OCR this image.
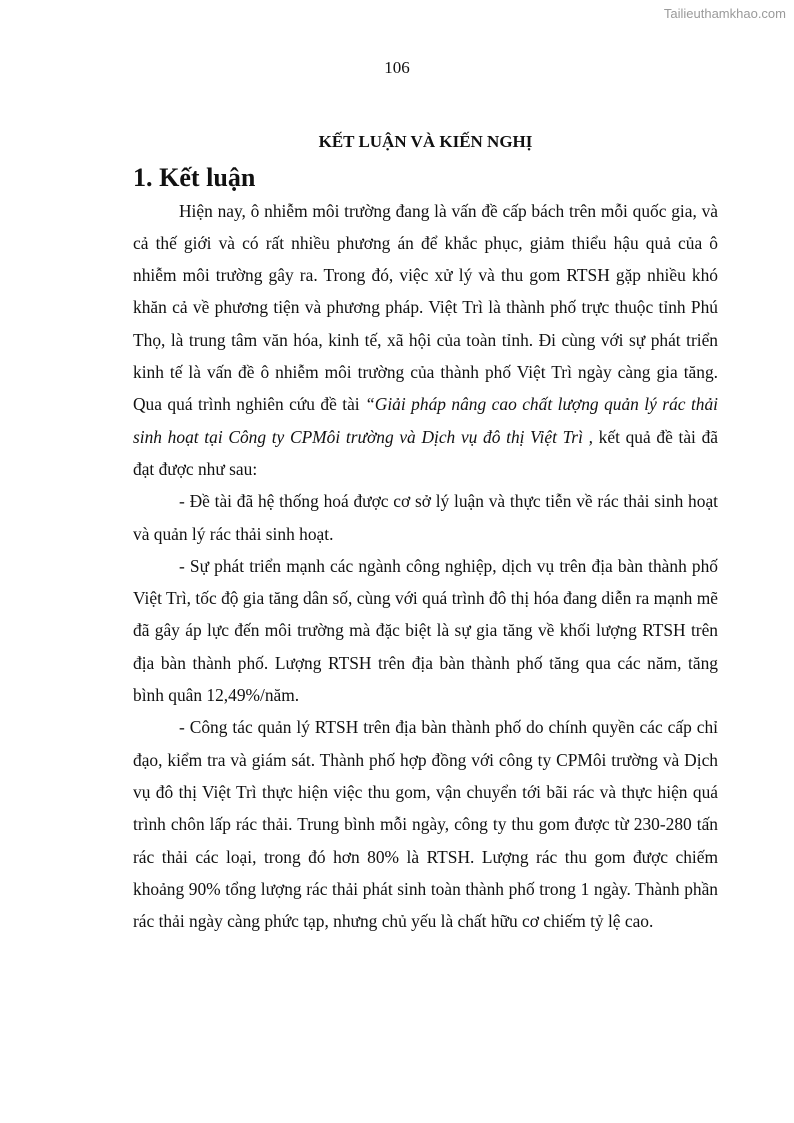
Tailieuthamkhao.com
106
KẾT LUẬN VÀ KIẾN NGHỊ
1. Kết luận

Hiện nay, ô nhiễm môi trường đang là vấn đề cấp bách trên mỗi quốc gia, và cả thế giới và có rất nhiều phương án để khắc phục, giảm thiểu hậu quả của ô nhiễm môi trường gây ra. Trong đó, việc xử lý và thu gom RTSH gặp nhiều khó khăn cả về phương tiện và phương pháp. Việt Trì là thành phố trực thuộc tỉnh Phú Thọ, là trung tâm văn hóa, kinh tế, xã hội của toàn tỉnh. Đi cùng với sự phát triển kinh tế là vấn đề ô nhiễm môi trường của thành phố Việt Trì ngày càng gia tăng. Qua quá trình nghiên cứu đề tài “Giải pháp nâng cao chất lượng quản lý rác thải sinh hoạt tại Công ty CPMôi trường và Dịch vụ đô thị Việt Trì , kết quả đề tài đã đạt được như sau:

- Đề tài đã hệ thống hoá được cơ sở lý luận và thực tiễn về rác thải sinh hoạt và quản lý rác thải sinh hoạt.

- Sự phát triển mạnh các ngành công nghiệp, dịch vụ trên địa bàn thành phố Việt Trì, tốc độ gia tăng dân số, cùng với quá trình đô thị hóa đang diễn ra mạnh mẽ đã gây áp lực đến môi trường mà đặc biệt là sự gia tăng về khối lượng RTSH trên địa bàn thành phố. Lượng RTSH trên địa bàn thành phố tăng qua các năm, tăng bình quân 12,49%/năm.

- Công tác quản lý RTSH trên địa bàn thành phố do chính quyền các cấp chỉ đạo, kiểm tra và giám sát. Thành phố hợp đồng với công ty CPMôi trường và Dịch vụ đô thị Việt Trì thực hiện việc thu gom, vận chuyển tới bãi rác và thực hiện quá trình chôn lấp rác thải. Trung bình mỗi ngày, công ty thu gom được từ 230-280 tấn rác thải các loại, trong đó hơn 80% là RTSH. Lượng rác thu gom được chiếm khoảng 90% tổng lượng rác thải phát sinh toàn thành phố trong 1 ngày. Thành phần rác thải ngày càng phức tạp, nhưng chủ yếu là chất hữu cơ chiếm tỷ lệ cao.
